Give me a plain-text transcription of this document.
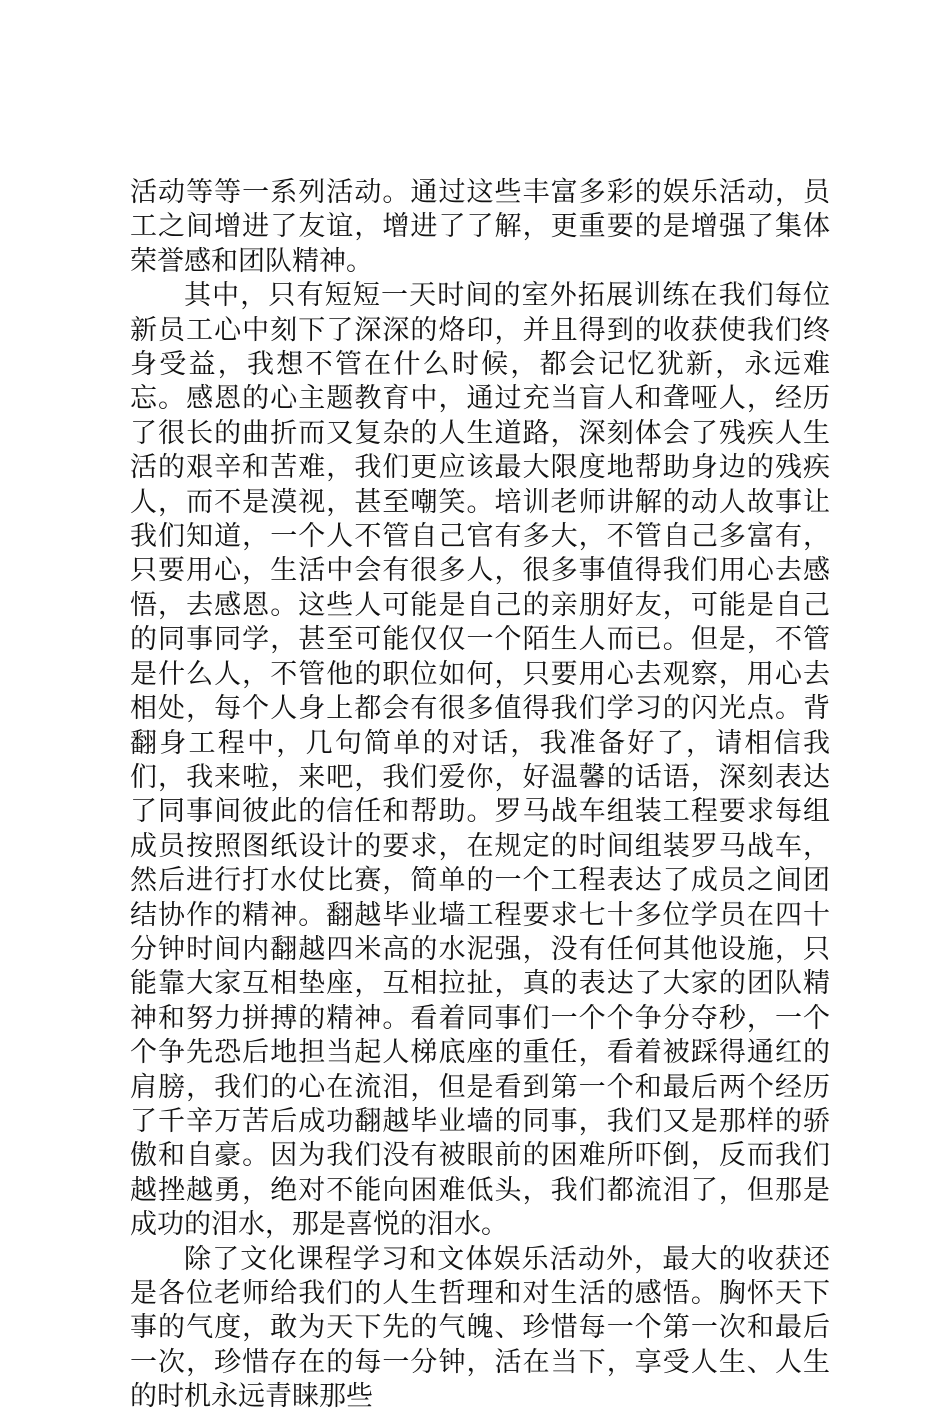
活动等等一系列活动。通过这些丰富多彩的娱乐活动，员工之间增进了友谊，增进了了解，更重要的是增强了集体荣誉感和团队精神。

其中，只有短短一天时间的室外拓展训练在我们每位新员工心中刻下了深深的烙印，并且得到的收获使我们终身受益，我想不管在什么时候，都会记忆犹新，永远难忘。感恩的心主题教育中，通过充当盲人和聋哑人，经历了很长的曲折而又复杂的人生道路，深刻体会了残疾人生活的艰辛和苦难，我们更应该最大限度地帮助身边的残疾人，而不是漠视，甚至嘲笑。培训老师讲解的动人故事让我们知道，一个人不管自己官有多大，不管自己多富有，只要用心，生活中会有很多人，很多事值得我们用心去感悟，去感恩。这些人可能是自己的亲朋好友，可能是自己的同事同学，甚至可能仅仅一个陌生人而已。但是，不管是什么人，不管他的职位如何，只要用心去观察，用心去相处，每个人身上都会有很多值得我们学习的闪光点。背翻身工程中，几句简单的对话，我准备好了，请相信我们，我来啦，来吧，我们爱你，好温馨的话语，深刻表达了同事间彼此的信任和帮助。罗马战车组装工程要求每组成员按照图纸设计的要求，在规定的时间组装罗马战车，然后进行打水仗比赛，简单的一个工程表达了成员之间团结协作的精神。翻越毕业墙工程要求七十多位学员在四十分钟时间内翻越四米高的水泥强，没有任何其他设施，只能靠大家互相垫座，互相拉扯，真的表达了大家的团队精神和努力拼搏的精神。看着同事们一个个争分夺秒，一个个争先恐后地担当起人梯底座的重任，看着被踩得通红的肩膀，我们的心在流泪，但是看到第一个和最后两个经历了千辛万苦后成功翻越毕业墙的同事，我们又是那样的骄傲和自豪。因为我们没有被眼前的困难所吓倒，反而我们越挫越勇，绝对不能向困难低头，我们都流泪了，但那是成功的泪水，那是喜悦的泪水。

除了文化课程学习和文体娱乐活动外，最大的收获还是各位老师给我们的人生哲理和对生活的感悟。胸怀天下事的气度，敢为天下先的气魄、珍惜每一个第一次和最后一次，珍惜存在的每一分钟，活在当下，享受人生、人生的时机永远青睐那些
